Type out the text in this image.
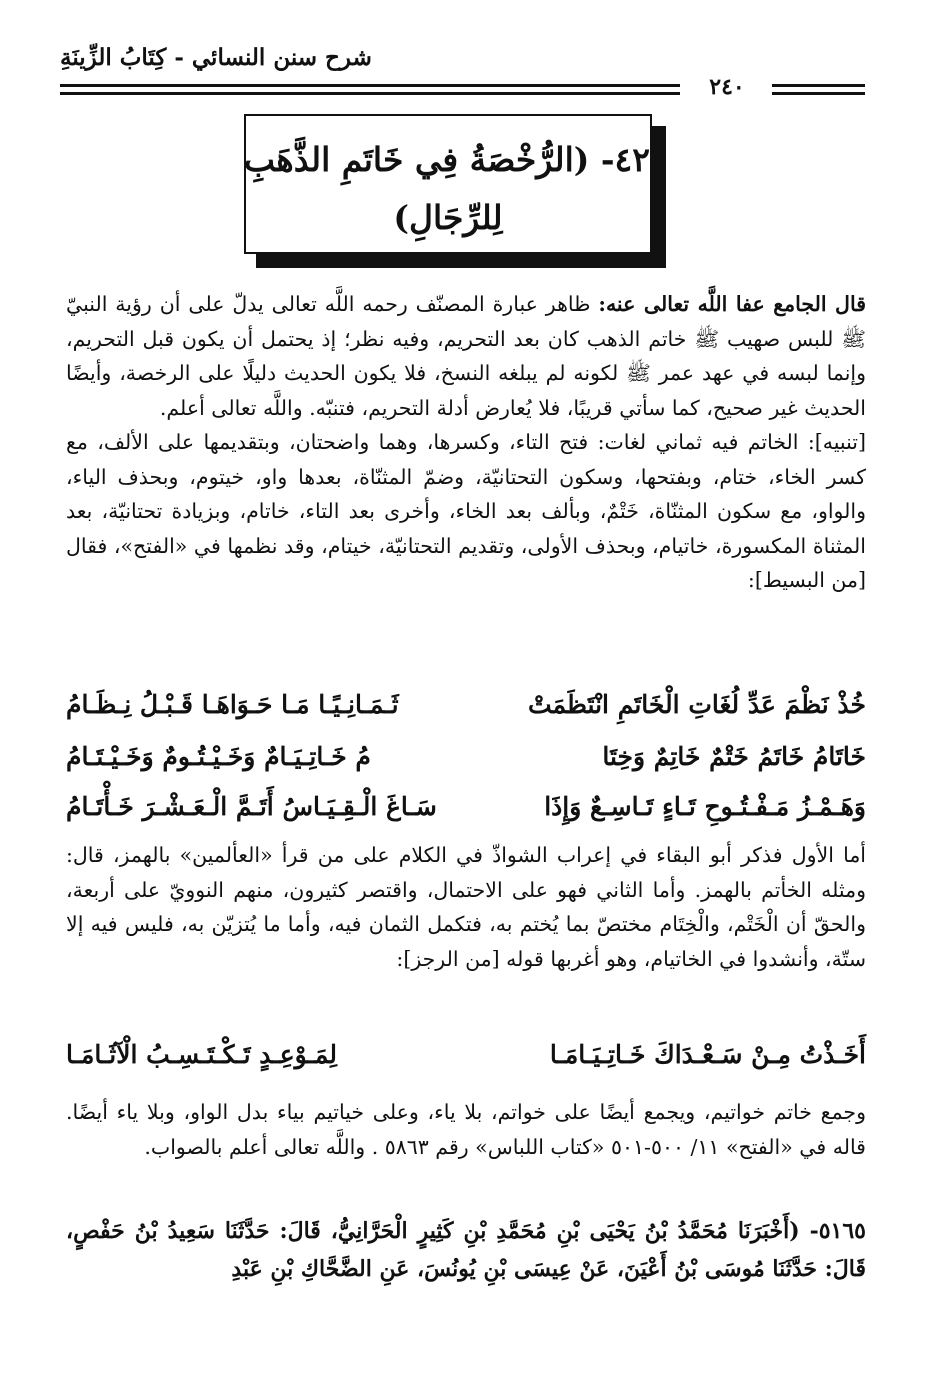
شرح سنن النسائي - كِتَابُ الزِّينَةِ
٢٤٠
٤٢- (الرُّخْصَةُ فِي خَاتَمِ الذَّهَبِ
لِلرِّجَالِ)

قال الجامع عفا اللَّه تعالى عنه: ظاهر عبارة المصنّف رحمه اللَّه تعالى يدلّ على أن رؤية النبيّ ﷺ للبس صهيب ﷺ خاتم الذهب كان بعد التحريم، وفيه نظر؛ إذ يحتمل أن يكون قبل التحريم، وإنما لبسه في عهد عمر ﷺ لكونه لم يبلغه النسخ، فلا يكون الحديث دليلًا على الرخصة، وأيضًا الحديث غير صحيح، كما سأتي قريبًا، فلا يُعارض أدلة التحريم، فتنبّه. واللَّه تعالى أعلم.

[تنبيه]: الخاتم فيه ثماني لغات: فتح التاء، وكسرها، وهما واضحتان، وبتقديمها على الألف، مع كسر الخاء، ختام، وبفتحها، وسكون التحتانيّة، وضمّ المثنّاة، بعدها واو، خيتوم، وبحذف الياء، والواو، مع سكون المثنّاة، خَتْمٌ، وبألف بعد الخاء، وأخرى بعد التاء، خاتام، وبزيادة تحتانيّة، بعد المثناة المكسورة، خاتيام، وبحذف الأولى، وتقديم التحتانيّة، خيتام، وقد نظمها في «الفتح»، فقال [من البسيط]:

خُذْ نَظْمَ عَدِّ لُغَاتِ الْخَاتَمِ انْتَظَمَتْ
ثَـمَـانِـيًـا مَـا حَـوَاهَـا قَـبْـلُ نِـظَـامُ
خَاتَامُ خَاتَمُ خَتْمٌ خَاتِمٌ وَخِتَا
مُ خَـاتِـيَـامٌ وَخَـيْـتُـومٌ وَخَـيْـتَـامُ
وَهَـمْـزُ مَـفْـتُـوحِ تَـاءٍ تَـاسِـعٌ وَإِذَا
سَـاغَ الْـقِـيَـاسُ أَتَـمَّ الْـعَـشْـرَ خَـأْتَـامُ

أما الأول فذكر أبو البقاء في إعراب الشواذّ في الكلام على من قرأ «العألمين» بالهمز، قال: ومثله الخأتم بالهمز. وأما الثاني فهو على الاحتمال، واقتصر كثيرون، منهم النوويّ على أربعة، والحقّ أن الْخَتْم، والْخِتَام مختصّ بما يُختم به، فتكمل الثمان فيه، وأما ما يُتزيّن به، فليس فيه إلا ستّة، وأنشدوا في الخاتيام، وهو أغربها قوله [من الرجز]:

أَخَـذْتُ مِـنْ سَـعْـدَاكَ خَـاتِـيَـامَـا
لِمَـوْعِـدٍ تَـكْـتَـسِـبُ الْآثَـامَـا

وجمع خاتم خواتيم، ويجمع أيضًا على خواتم، بلا ياء، وعلى خياتيم بياء بدل الواو، وبلا ياء أيضًا. قاله في «الفتح» ١١/ ٥٠٠-٥٠١ «كتاب اللباس» رقم ٥٨٦٣ . واللَّه تعالى أعلم بالصواب.

٥١٦٥- (أَخْبَرَنَا مُحَمَّدُ بْنُ يَحْيَى بْنِ مُحَمَّدِ بْنِ كَثِيرٍ الْحَرَّانِيُّ، قَالَ: حَدَّثَنَا سَعِيدُ بْنُ حَفْصٍ، قَالَ: حَدَّثَنَا مُوسَى بْنُ أَعْيَنَ، عَنْ عِيسَى بْنِ يُونُسَ، عَنِ الضَّحَّاكِ بْنِ عَبْدِ
